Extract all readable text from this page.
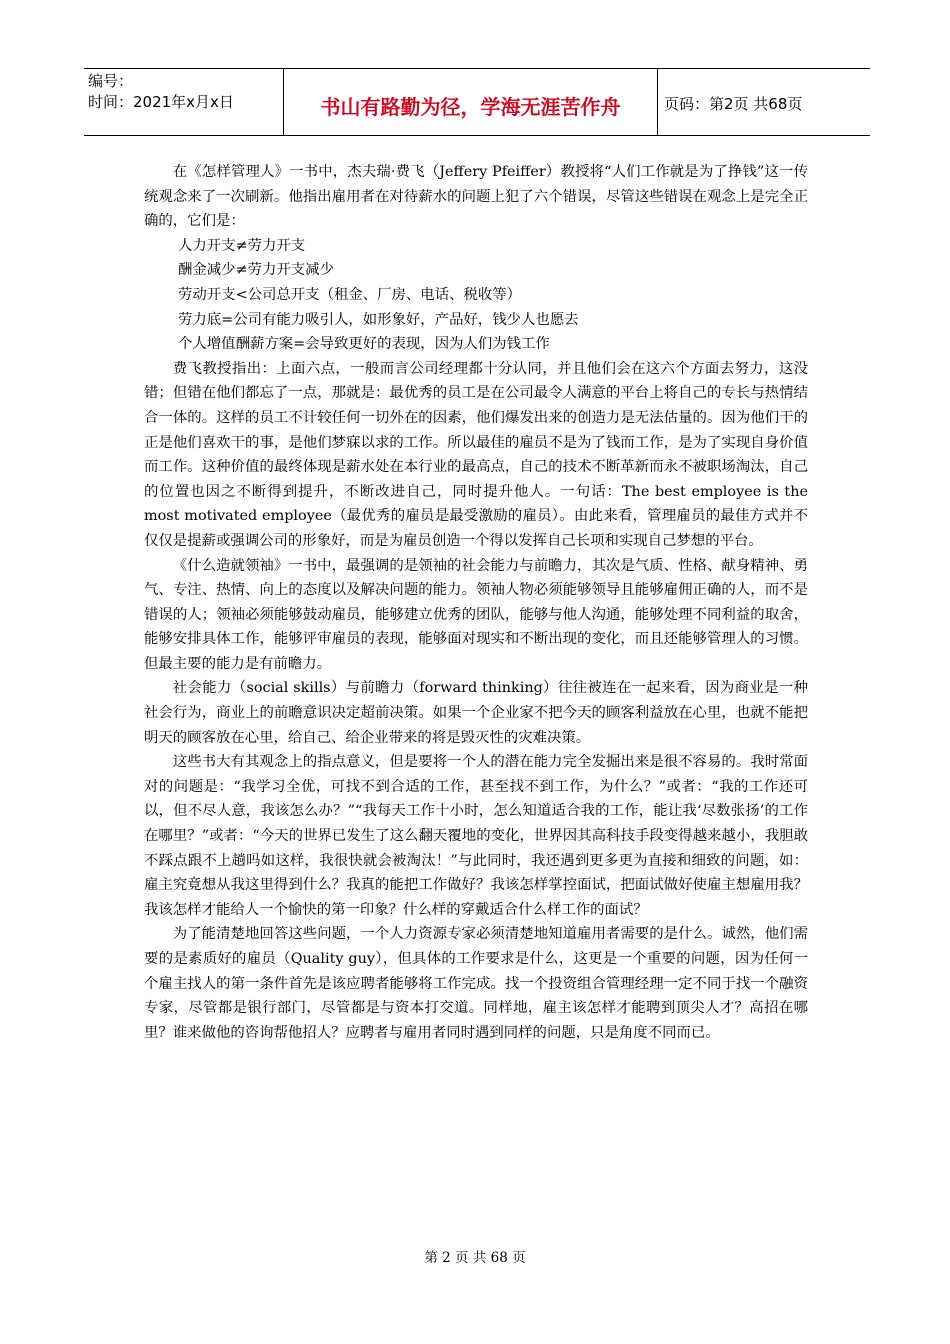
编号：
时间：2021年x月x日	书山有路勤为径，学海无涯苦作舟	页码：第2页 共68页

在《怎样管理人》一书中，杰夫瑞·费飞（Jeffery Pfeiffer）教授将“人们工作就是为了挣钱”这一传统观念来了一次刷新。他指出雇用者在对待薪水的问题上犯了六个错误，尽管这些错误在观念上是完全正确的，它们是：

人力开支≠劳力开支

酬金减少≠劳力开支减少

劳动开支<公司总开支（租金、厂房、电话、税收等）

劳力底=公司有能力吸引人，如形象好，产品好，钱少人也愿去

个人增值酬薪方案=会导致更好的表现，因为人们为钱工作

费飞教授指出：上面六点，一般而言公司经理都十分认同，并且他们会在这六个方面去努力，这没错；但错在他们都忘了一点，那就是：最优秀的员工是在公司最令人满意的平台上将自己的专长与热情结合一体的。这样的员工不计较任何一切外在的因素，他们爆发出来的创造力是无法估量的。因为他们干的正是他们喜欢干的事，是他们梦寐以求的工作。所以最佳的雇员不是为了钱而工作，是为了实现自身价值而工作。这种价值的最终体现是薪水处在本行业的最高点，自己的技术不断革新而永不被职场淘汰，自己的位置也因之不断得到提升，不断改进自己，同时提升他人。一句话：The best employee is the most motivated employee（最优秀的雇员是最受激励的雇员）。由此来看，管理雇员的最佳方式并不仅仅是提薪或强调公司的形象好，而是为雇员创造一个得以发挥自己长项和实现自己梦想的平台。

《什么造就领袖》一书中，最强调的是领袖的社会能力与前瞻力，其次是气质、性格、献身精神、勇气、专注、热情、向上的态度以及解决问题的能力。领袖人物必须能够领导且能够雇佣正确的人，而不是错误的人；领袖必须能够鼓动雇员，能够建立优秀的团队，能够与他人沟通，能够处理不同利益的取舍，能够安排具体工作，能够评审雇员的表现，能够面对现实和不断出现的变化，而且还能够管理人的习惯。但最主要的能力是有前瞻力。

社会能力（social skills）与前瞻力（forward thinking）往往被连在一起来看，因为商业是一种社会行为，商业上的前瞻意识决定超前决策。如果一个企业家不把今天的顾客利益放在心里，也就不能把明天的顾客放在心里，给自己、给企业带来的将是毁灭性的灾难决策。

这些书大有其观念上的指点意义，但是要将一个人的潜在能力完全发掘出来是很不容易的。我时常面对的问题是：“我学习全优，可找不到合适的工作，甚至找不到工作，为什么？”或者：“我的工作还可以，但不尽人意，我该怎么办？”“我每天工作十小时，怎么知道适合我的工作，能让我‘尽数张扬’的工作在哪里？”或者：“今天的世界已发生了这么翻天覆地的变化，世界因其高科技手段变得越来越小，我胆敢不踩点跟不上趟吗如这样，我很快就会被淘汰！”与此同时，我还遇到更多更为直接和细致的问题，如：雇主究竟想从我这里得到什么？我真的能把工作做好？我该怎样掌控面试，把面试做好使雇主想雇用我？我该怎样才能给人一个愉快的第一印象？什么样的穿戴适合什么样工作的面试？

为了能清楚地回答这些问题，一个人力资源专家必须清楚地知道雇用者需要的是什么。诚然，他们需要的是素质好的雇员（Quality guy），但具体的工作要求是什么，这更是一个重要的问题，因为任何一个雇主找人的第一条件首先是该应聘者能够将工作完成。找一个投资组合管理经理一定不同于找一个融资专家，尽管都是银行部门，尽管都是与资本打交道。同样地，雇主该怎样才能聘到顶尖人才？高招在哪里？谁来做他的咨询帮他招人？应聘者与雇用者同时遇到同样的问题，只是角度不同而已。

第 2 页 共 68 页
